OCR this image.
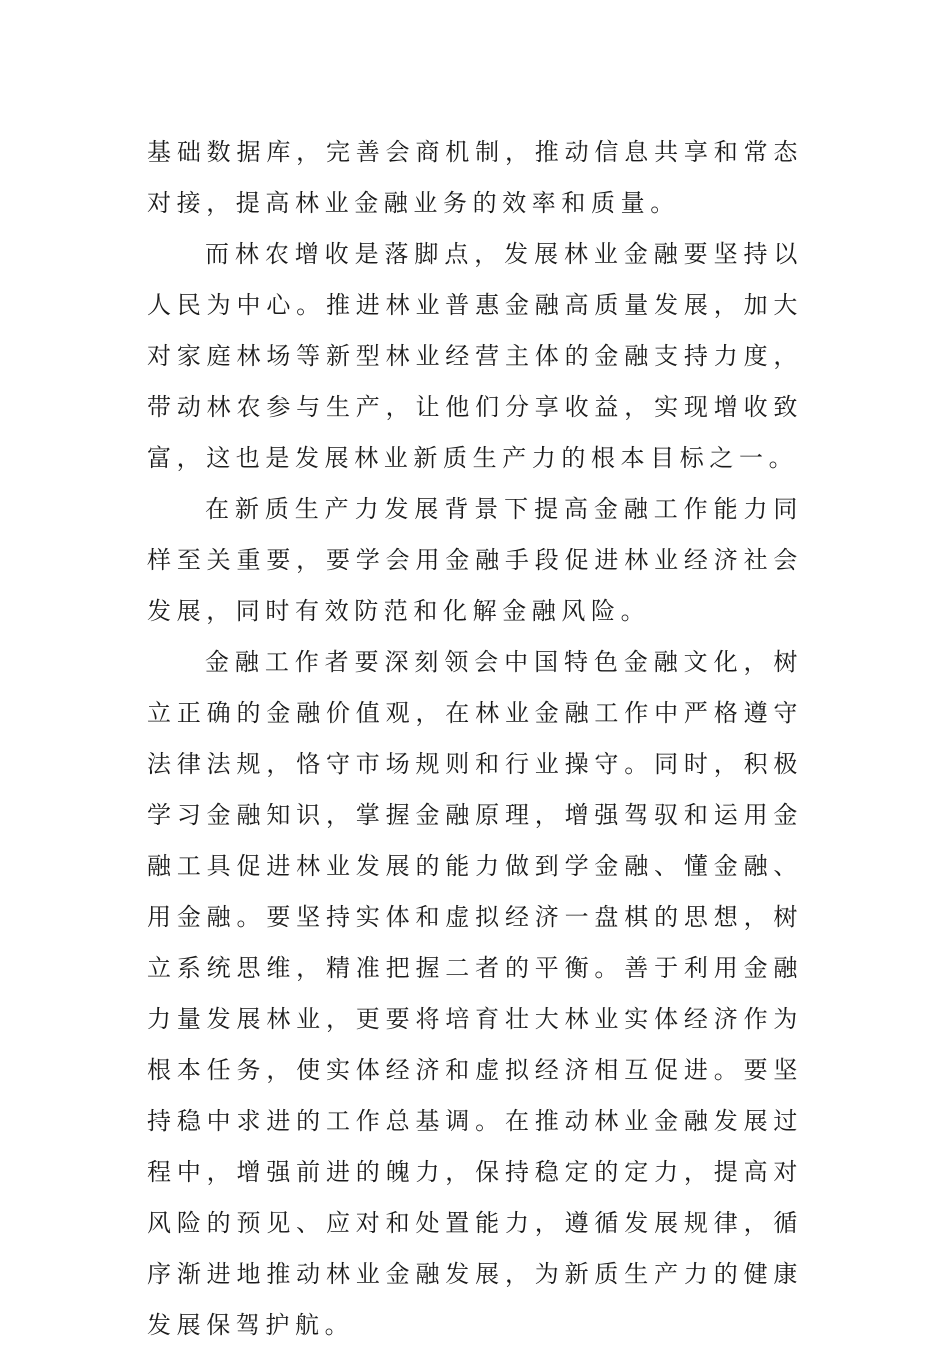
基础数据库，完善会商机制，推动信息共享和常态对接，提高林业金融业务的效率和质量。

而林农增收是落脚点，发展林业金融要坚持以人民为中心。推进林业普惠金融高质量发展，加大对家庭林场等新型林业经营主体的金融支持力度，带动林农参与生产，让他们分享收益，实现增收致富，这也是发展林业新质生产力的根本目标之一。

在新质生产力发展背景下提高金融工作能力同样至关重要，要学会用金融手段促进林业经济社会发展，同时有效防范和化解金融风险。

金融工作者要深刻领会中国特色金融文化，树立正确的金融价值观，在林业金融工作中严格遵守法律法规，恪守市场规则和行业操守。同时，积极学习金融知识，掌握金融原理，增强驾驭和运用金融工具促进林业发展的能力做到学金融、懂金融、用金融。要坚持实体和虚拟经济一盘棋的思想，树立系统思维，精准把握二者的平衡。善于利用金融力量发展林业，更要将培育壮大林业实体经济作为根本任务，使实体经济和虚拟经济相互促进。要坚持稳中求进的工作总基调。在推动林业金融发展过程中，增强前进的魄力，保持稳定的定力，提高对风险的预见、应对和处置能力，遵循发展规律，循序渐进地推动林业金融发展，为新质生产力的健康发展保驾护航。
